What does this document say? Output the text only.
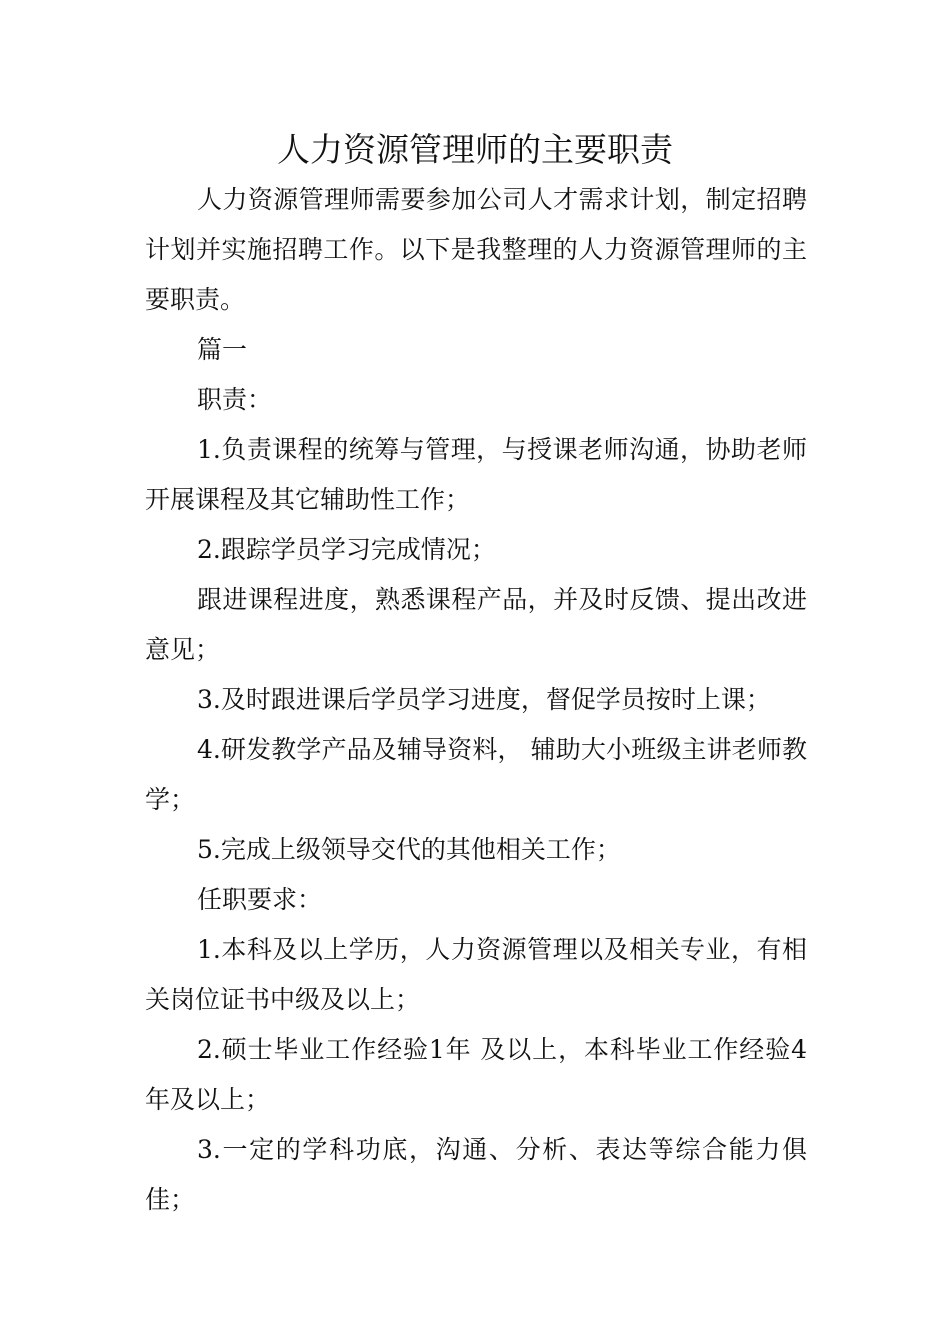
人力资源管理师的主要职责

人力资源管理师需要参加公司人才需求计划，制定招聘计划并实施招聘工作。以下是我整理的人力资源管理师的主要职责。

篇一

职责：

1.负责课程的统筹与管理，与授课老师沟通，协助老师开展课程及其它辅助性工作；

2.跟踪学员学习完成情况；

跟进课程进度，熟悉课程产品，并及时反馈、提出改进意见；

3.及时跟进课后学员学习进度，督促学员按时上课；

4.研发教学产品及辅导资料， 辅助大小班级主讲老师教学；

5.完成上级领导交代的其他相关工作；

任职要求：

1.本科及以上学历，人力资源管理以及相关专业，有相关岗位证书中级及以上；

2.硕士毕业工作经验1年 及以上，本科毕业工作经验4年及以上；

3.一定的学科功底，沟通、分析、表达等综合能力俱佳；
